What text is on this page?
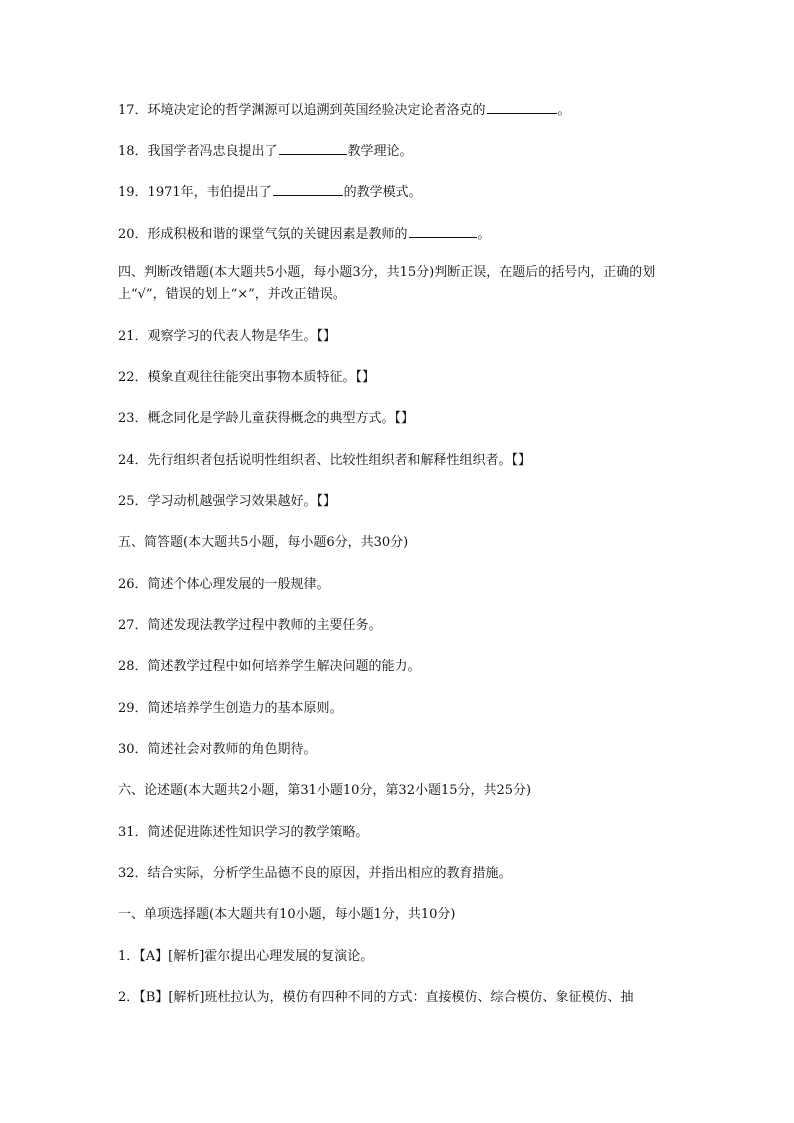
17．环境决定论的哲学渊源可以追溯到英国经验决定论者洛克的	。
18．我国学者冯忠良提出了	教学理论。
19．1971年，韦伯提出了	的教学模式。
20．形成积极和谐的课堂气氛的关键因素是教师的	。
四、判断改错题(本大题共5小题，每小题3分，共15分)判断正误，在题后的括号内，正确的划上“√”，错误的划上“×”，并改正错误。
21．观察学习的代表人物是华生。【】
22．模象直观往往能突出事物本质特征。【】
23．概念同化是学龄儿童获得概念的典型方式。【】
24．先行组织者包括说明性组织者、比较性组织者和解释性组织者。【】
25．学习动机越强学习效果越好。【】
五、简答题(本大题共5小题，每小题6分，共30分)
26．简述个体心理发展的一般规律。
27．简述发现法教学过程中教师的主要任务。
28．简述教学过程中如何培养学生解决问题的能力。
29．简述培养学生创造力的基本原则。
30．简述社会对教师的角色期待。
六、论述题(本大题共2小题，第31小题10分，第32小题15分，共25分)
31．简述促进陈述性知识学习的教学策略。
32．结合实际，分析学生品德不良的原因，并指出相应的教育措施。
一、单项选择题(本大题共有10小题，每小题1分，共10分)
1．【A】[解析]霍尔提出心理发展的复演论。
2．【B】[解析]班杜拉认为，模仿有四种不同的方式：直接模仿、综合模仿、象征模仿、抽
